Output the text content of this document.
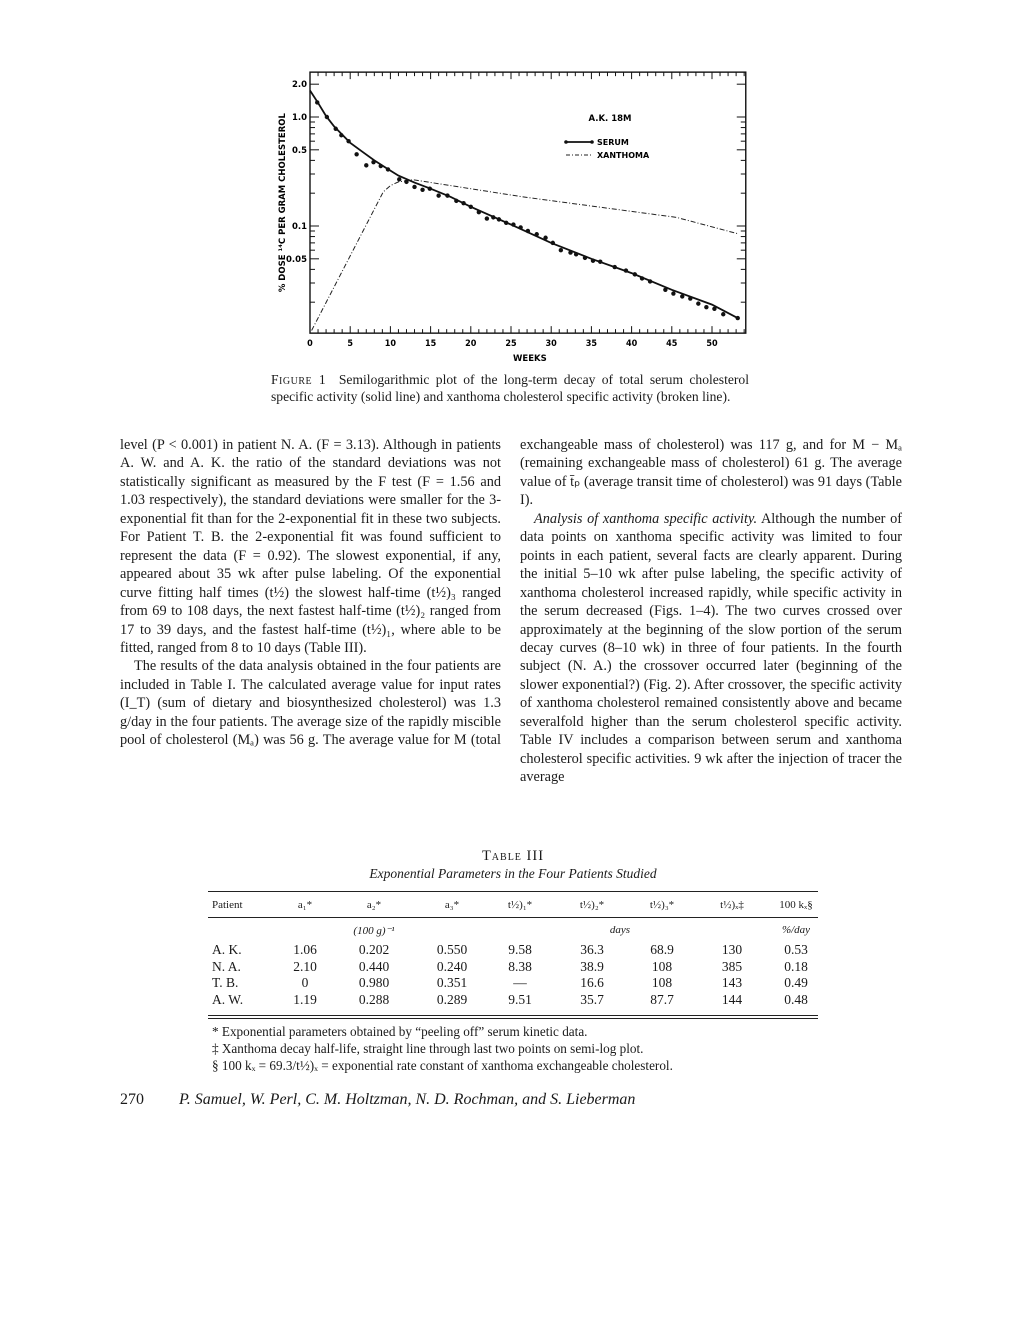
0	5	10	15	20	25	30	35	40	45	50
2.0
1.0
0.5
0.1
0.05
WEEKS
% DOSE ¹⁴C PER GRAM CHOLESTEROL	A.K. 18M
SERUM
XANTHOMA
Figure 1 Semilogarithmic plot of the long-term decay of total serum cholesterol specific activity (solid line) and xanthoma cholesterol specific activity (broken line).

level (P < 0.001) in patient N. A. (F = 3.13). Although in patients A. W. and A. K. the ratio of the standard deviations was not statistically significant as measured by the F test (F = 1.56 and 1.03 respectively), the standard deviations were smaller for the 3-exponential fit than for the 2-exponential fit in these two subjects. For Patient T. B. the 2-exponential fit was found sufficient to represent the data (F = 0.92). The slowest exponential, if any, appeared about 35 wk after pulse labeling. Of the exponential curve fitting half times (t½) the slowest half-time (t½)₃ ranged from 69 to 108 days, the next fastest half-time (t½)₂ ranged from 17 to 39 days, and the fastest half-time (t½)₁, where able to be fitted, ranged from 8 to 10 days (Table III).

The results of the data analysis obtained in the four patients are included in Table I. The calculated average value for input rates (I_T) (sum of dietary and biosynthesized cholesterol) was 1.3 g/day in the four patients. The average size of the rapidly miscible pool of cholesterol (Mₐ) was 56 g. The average value for M (total

exchangeable mass of cholesterol) was 117 g, and for M − Mₐ (remaining exchangeable mass of cholesterol) 61 g. The average value of t̄ₚ (average transit time of cholesterol) was 91 days (Table I).

Analysis of xanthoma specific activity. Although the number of data points on xanthoma specific activity was limited to four points in each patient, several facts are clearly apparent. During the initial 5–10 wk after pulse labeling, the specific activity of xanthoma cholesterol increased rapidly, while specific activity in the serum decreased (Figs. 1–4). The two curves crossed over approximately at the beginning of the slow portion of the serum decay curves (8–10 wk) in three of four patients. In the fourth subject (N. A.) the crossover occurred later (beginning of the slower exponential?) (Fig. 2). After crossover, the specific activity of xanthoma cholesterol remained consistently above and became severalfold higher than the serum cholesterol specific activity. Table IV includes a comparison between serum and xanthoma cholesterol specific activities. 9 wk after the injection of tracer the average

Table III
Exponential Parameters in the Four Patients Studied
Patient	a₁*	a₂*	a₃*	t½)₁*	t½)₂*	t½)₃*	t½)ₓ‡	100 kₓ§
(100 g)⁻¹	days	%/day
A. K.	1.06	0.202	0.550	9.58	36.3	68.9	130	0.53
N. A.	2.10	0.440	0.240	8.38	38.9	108	385	0.18
T. B.	0	0.980	0.351	—	16.6	108	143	0.49
A. W.	1.19	0.288	0.289	9.51	35.7	87.7	144	0.48
* Exponential parameters obtained by “peeling off” serum kinetic data.
‡ Xanthoma decay half-life, straight line through last two points on semi-log plot.
§ 100 kₓ = 69.3/t½)ₓ = exponential rate constant of xanthoma exchangeable cholesterol.
270 P. Samuel, W. Perl, C. M. Holtzman, N. D. Rochman, and S. Lieberman
